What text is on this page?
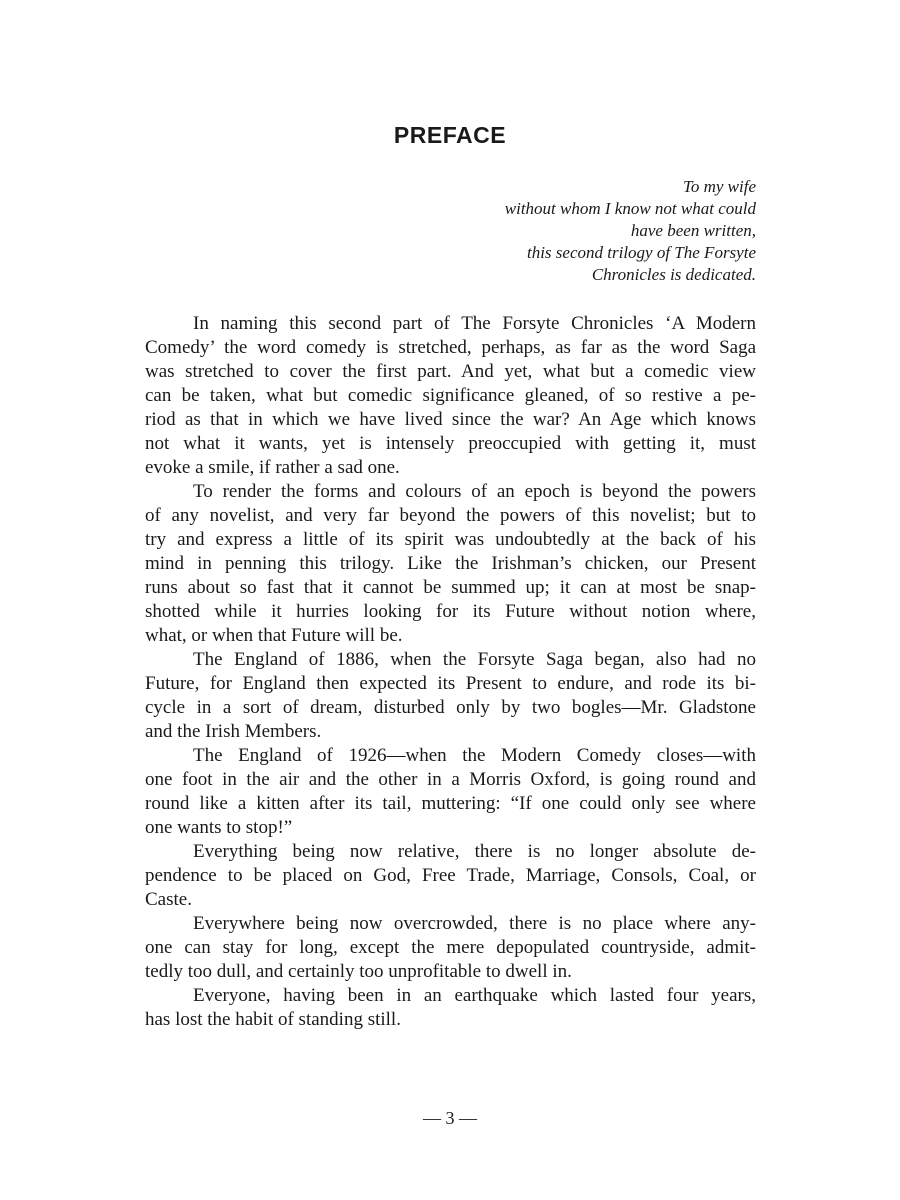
PREFACE
To my wife
without whom I know not what could
have been written,
this second trilogy of The Forsyte
Chronicles is dedicated.

In naming this second part of The Forsyte Chronicles ‘A Modern
Comedy’ the word comedy is stretched, perhaps, as far as the word Saga
was stretched to cover the first part. And yet, what but a comedic view
can be taken, what but comedic significance gleaned, of so restive a pe-
riod as that in which we have lived since the war? An Age which knows
not what it wants, yet is intensely preoccupied with getting it, must
evoke a smile, if rather a sad one.

To render the forms and colours of an epoch is beyond the powers
of any novelist, and very far beyond the powers of this novelist; but to
try and express a little of its spirit was undoubtedly at the back of his
mind in penning this trilogy. Like the Irishman’s chicken, our Present
runs about so fast that it cannot be summed up; it can at most be snap-
shotted while it hurries looking for its Future without notion where,
what, or when that Future will be.

The England of 1886, when the Forsyte Saga began, also had no
Future, for England then expected its Present to endure, and rode its bi-
cycle in a sort of dream, disturbed only by two bogles—Mr. Gladstone
and the Irish Members.

The England of 1926—when the Modern Comedy closes—with
one foot in the air and the other in a Morris Oxford, is going round and
round like a kitten after its tail, muttering: “If one could only see where
one wants to stop!”

Everything being now relative, there is no longer absolute de-
pendence to be placed on God, Free Trade, Marriage, Consols, Coal, or
Caste.

Everywhere being now overcrowded, there is no place where any-
one can stay for long, except the mere depopulated countryside, admit-
tedly too dull, and certainly too unprofitable to dwell in.

Everyone, having been in an earthquake which lasted four years,
has lost the habit of standing still.

— 3 —
